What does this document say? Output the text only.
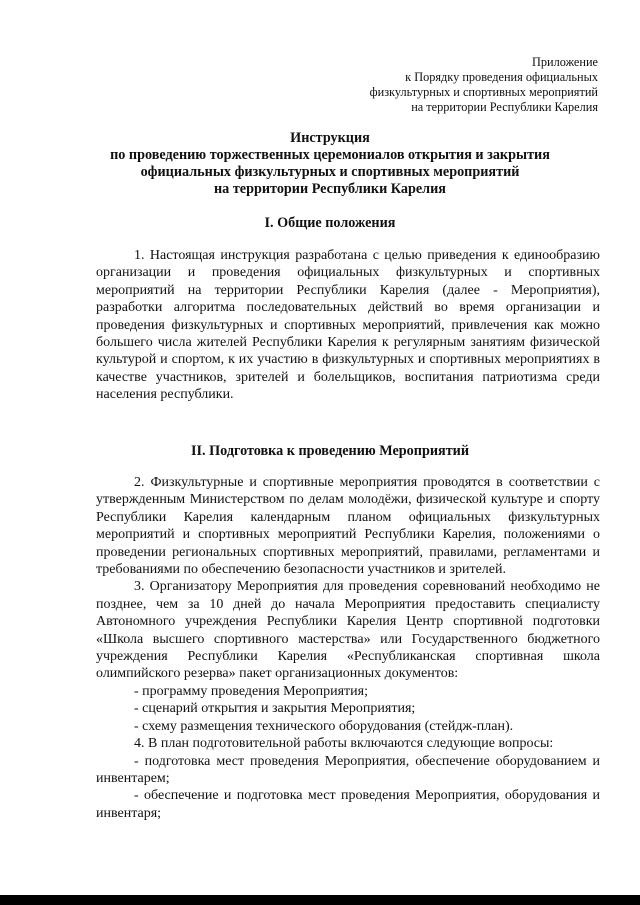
Приложение
к Порядку проведения официальных
физкультурных и спортивных мероприятий
на территории Республики Карелия
Инструкция
по проведению торжественных церемониалов открытия и закрытия
официальных физкультурных и спортивных мероприятий
на территории Республики Карелия
I. Общие положения

1. Настоящая инструкция разработана с целью приведения к единообразию организации и проведения официальных физкультурных и спортивных мероприятий на территории Республики Карелия (далее - Мероприятия), разработки алгоритма последовательных действий во время организации и проведения физкультурных и спортивных мероприятий, привлечения как можно большего числа жителей Республики Карелия к регулярным занятиям физической культурой и спортом, к их участию в физкультурных и спортивных мероприятиях в качестве участников, зрителей и болельщиков, воспитания патриотизма среди населения республики.

II. Подготовка к проведению Мероприятий

2. Физкультурные и спортивные мероприятия проводятся в соответствии с утвержденным Министерством по делам молодёжи, физической культуре и спорту Республики Карелия календарным планом официальных физкультурных мероприятий и спортивных мероприятий Республики Карелия, положениями о проведении региональных спортивных мероприятий, правилами, регламентами и требованиями по обеспечению безопасности участников и зрителей.

3. Организатору Мероприятия для проведения соревнований необходимо не позднее, чем за 10 дней до начала Мероприятия предоставить специалисту Автономного учреждения Республики Карелия Центр спортивной подготовки «Школа высшего спортивного мастерства» или Государственного бюджетного учреждения Республики Карелия «Республиканская спортивная школа олимпийского резерва» пакет организационных документов:

- программу проведения Мероприятия;

- сценарий открытия и закрытия Мероприятия;

- схему размещения технического оборудования (стейдж-план).

4. В план подготовительной работы включаются следующие вопросы:

- подготовка мест проведения Мероприятия, обеспечение оборудованием и инвентарем;

- обеспечение и подготовка мест проведения Мероприятия, оборудования и инвентаря;
